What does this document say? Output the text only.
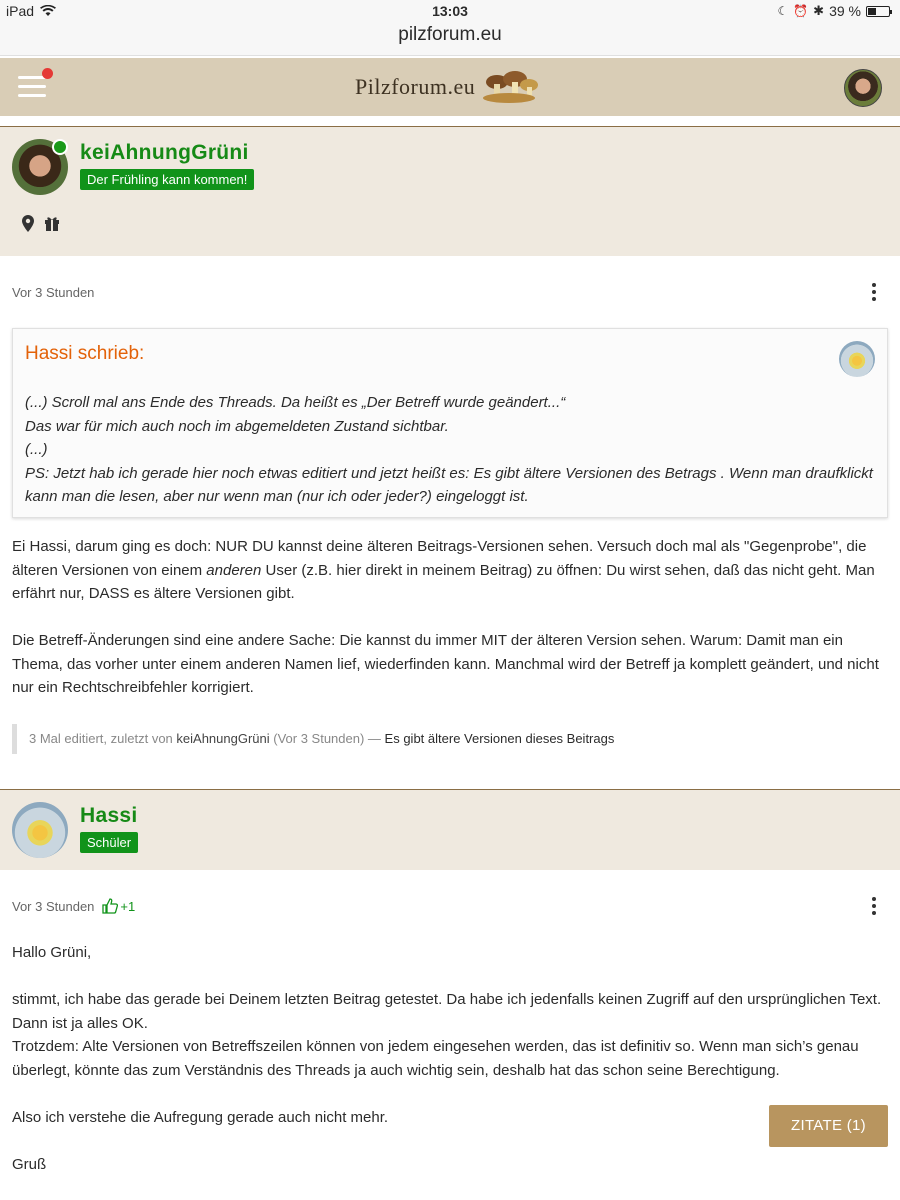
iPad	13:03	☾ ⏰ ✱ 39 %
pilzforum.eu
Pilzforum.eu
keiAhnungGrüni
Der Frühling kann kommen!
Vor 3 Stunden
Hassi schrieb:
(...) Scroll mal ans Ende des Threads. Da heißt es „Der Betreff wurde geändert...“
Das war für mich auch noch im abgemeldeten Zustand sichtbar.
(...)
PS: Jetzt hab ich gerade hier noch etwas editiert und jetzt heißt es: Es gibt ältere Versionen des Betrags . Wenn man draufklickt kann man die lesen, aber nur wenn man (nur ich oder jeder?) eingeloggt ist.

Ei Hassi, darum ging es doch: NUR DU kannst deine älteren Beitrags-Versionen sehen. Versuch doch mal als "Gegenprobe", die älteren Versionen von einem anderen User (z.B. hier direkt in meinem Beitrag) zu öffnen: Du wirst sehen, daß das nicht geht. Man erfährt nur, DASS es ältere Versionen gibt.

Die Betreff-Änderungen sind eine andere Sache: Die kannst du immer MIT der älteren Version sehen. Warum: Damit man ein Thema, das vorher unter einem anderen Namen lief, wiederfinden kann. Manchmal wird der Betreff ja komplett geändert, und nicht nur ein Rechtschreibfehler korrigiert.

3 Mal editiert, zuletzt von keiAhnungGrüni (Vor 3 Stunden) — Es gibt ältere Versionen dieses Beitrags
Hassi
Schüler
Vor 3 Stunden +1

Hallo Grüni,

stimmt, ich habe das gerade bei Deinem letzten Beitrag getestet. Da habe ich jedenfalls keinen Zugriff auf den ursprünglichen Text. Dann ist ja alles OK.
Trotzdem: Alte Versionen von Betreffszeilen können von jedem eingesehen werden, das ist definitiv so. Wenn man sich’s genau überlegt, könnte das zum Verständnis des Threads ja auch wichtig sein, deshalb hat das schon seine Berechtigung.

Also ich verstehe die Aufregung gerade auch nicht mehr.

Gruß

ZITATE (1)
